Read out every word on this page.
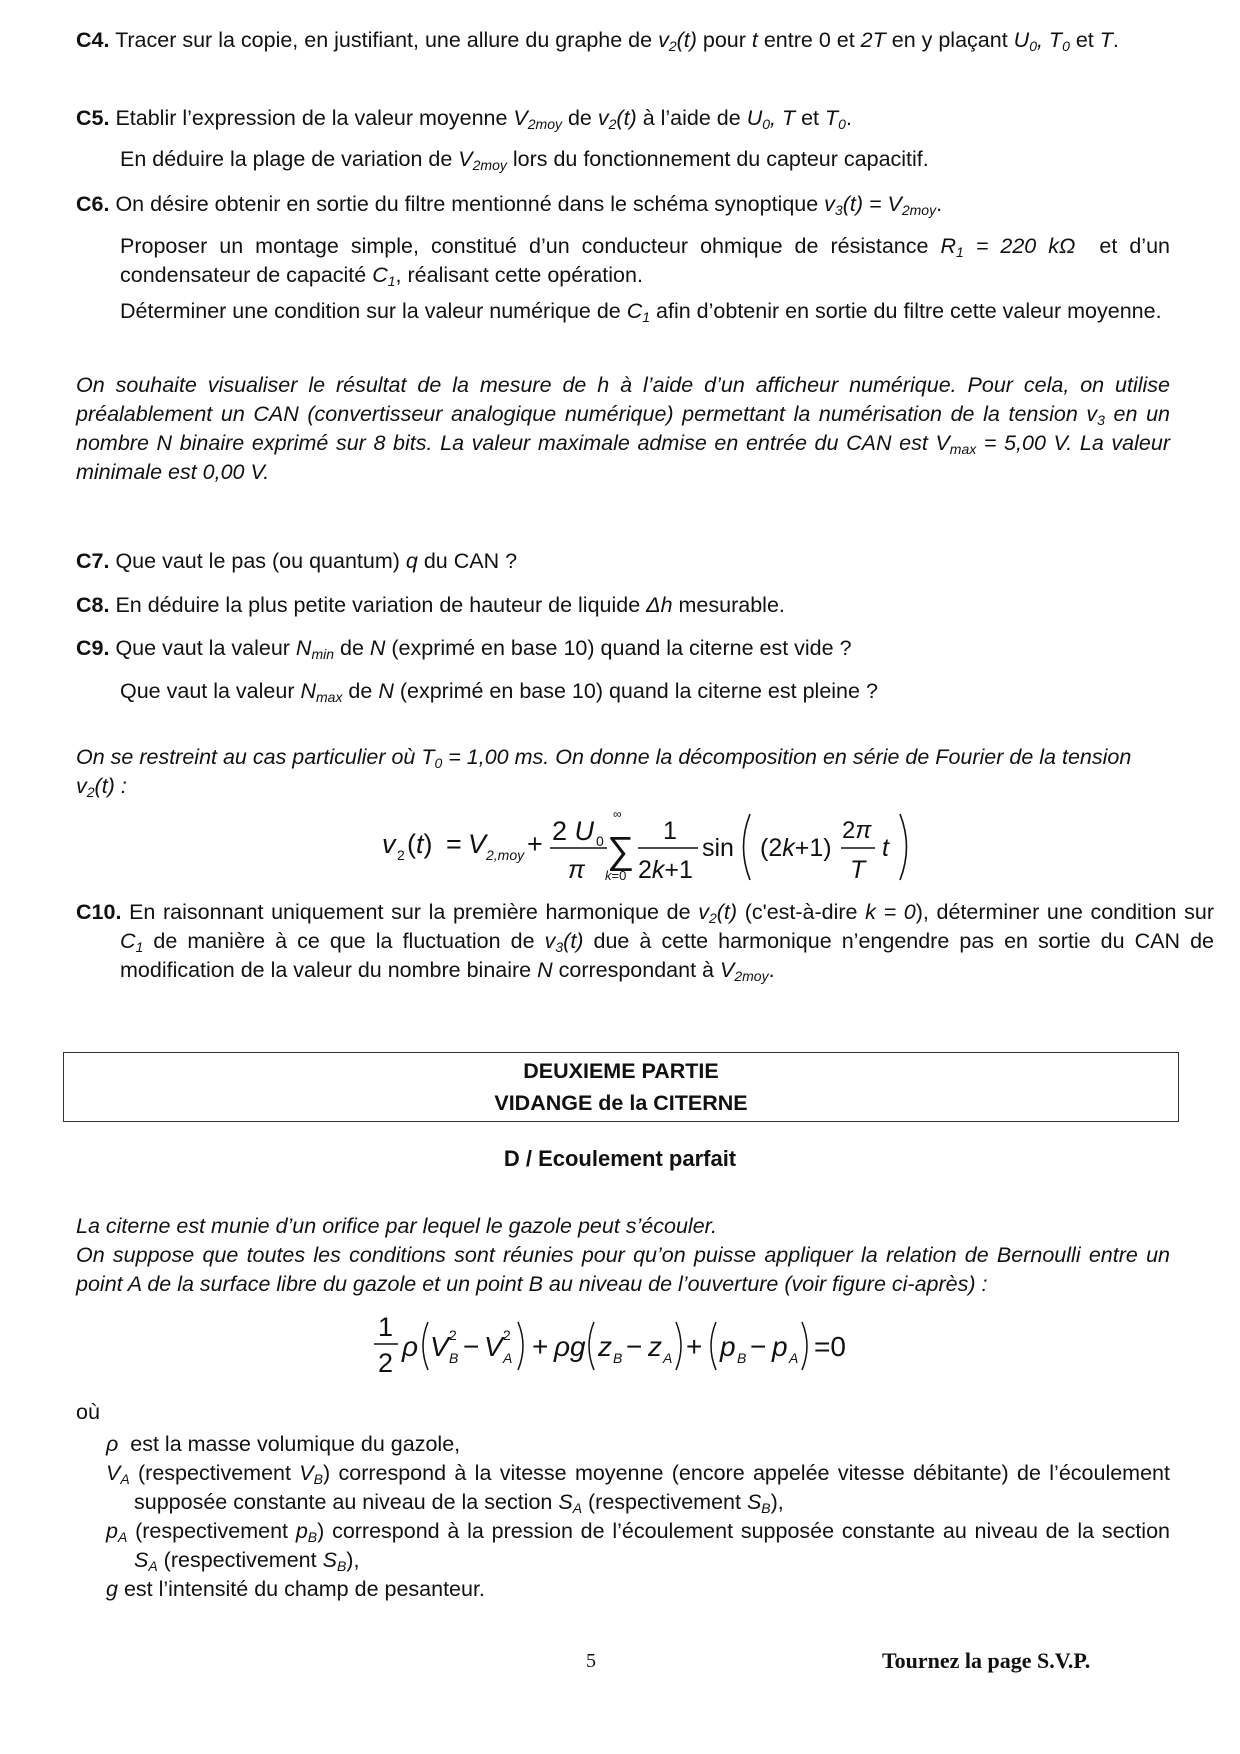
C4. Tracer sur la copie, en justifiant, une allure du graphe de $v_2(t)$ pour t entre 0 et 2T en y plaçant $U_0$, $T_0$ et T.
C5. Etablir l’expression de la valeur moyenne $V_{2moy}$ de $v_2(t)$ à l’aide de $U_0$, T et $T_0$.
En déduire la plage de variation de $V_{2moy}$ lors du fonctionnement du capteur capacitif.
C6. On désire obtenir en sortie du filtre mentionné dans le schéma synoptique $v_3(t) = V_{2moy}$.
Proposer un montage simple, constitué d’un conducteur ohmique de résistance $R_1 = 220$ kΩ  et d’un condensateur de capacité $C_1$, réalisant cette opération.
Déterminer une condition sur la valeur numérique de $C_1$ afin d’obtenir en sortie du filtre cette valeur moyenne.
On souhaite visualiser le résultat de la mesure de h à l’aide d’un afficheur numérique. Pour cela, on utilise préalablement un CAN (convertisseur analogique numérique) permettant la numérisation de la tension $v_3$ en un nombre N binaire exprimé sur 8 bits. La valeur maximale admise en entrée du CAN est $V_{max} = 5,00$ V. La valeur minimale est 0,00 V.
C7. Que vaut le pas (ou quantum) q du CAN ?
C8. En déduire la plus petite variation de hauteur de liquide Δh mesurable.
C9. Que vaut la valeur $N_{min}$ de N (exprimé en base 10) quand la citerne est vide ?
Que vaut la valeur $N_{max}$ de N (exprimé en base 10) quand la citerne est pleine ?
On se restreint au cas particulier où $T_0 = 1,00$ ms. On donne la décomposition en série de Fourier de la tension $v_2(t)$ :
v 2 (t) = V 2,moy + 2 U 0
π
∞
∑
k=0
1
2k+1
sin (2k+1)
2π
T
t
C10. En raisonnant uniquement sur la première harmonique de $v_2(t)$ (c'est-à-dire k = 0), déterminer une condition sur $C_1$ de manière à ce que la fluctuation de $v_3(t)$ due à cette harmonique n’engendre pas en sortie du CAN de modification de la valeur du nombre binaire N correspondant à $V_{2moy}$.
DEUXIEME PARTIE
VIDANGE de la CITERNE
D / Ecoulement parfait
La citerne est munie d’un orifice par lequel le gazole peut s’écouler.
On suppose que toutes les conditions sont réunies pour qu’on puisse appliquer la relation de Bernoulli entre un point A de la surface libre du gazole et un point B au niveau de l’ouverture (voir figure ci-après) :
1
2
ρ V 2
B − V 2
A + ρg z B − z A + p B − p A =0
où
ρ est la masse volumique du gazole,
$V_A$ (respectivement $V_B$) correspond à la vitesse moyenne (encore appelée vitesse débitante) de l’écoulement supposée constante au niveau de la section $S_A$ (respectivement $S_B$),
$p_A$ (respectivement $p_B$) correspond à la pression de l’écoulement supposée constante au niveau de la section $S_A$ (respectivement $S_B$),
g est l’intensité du champ de pesanteur.
5	Tournez la page S.V.P.
